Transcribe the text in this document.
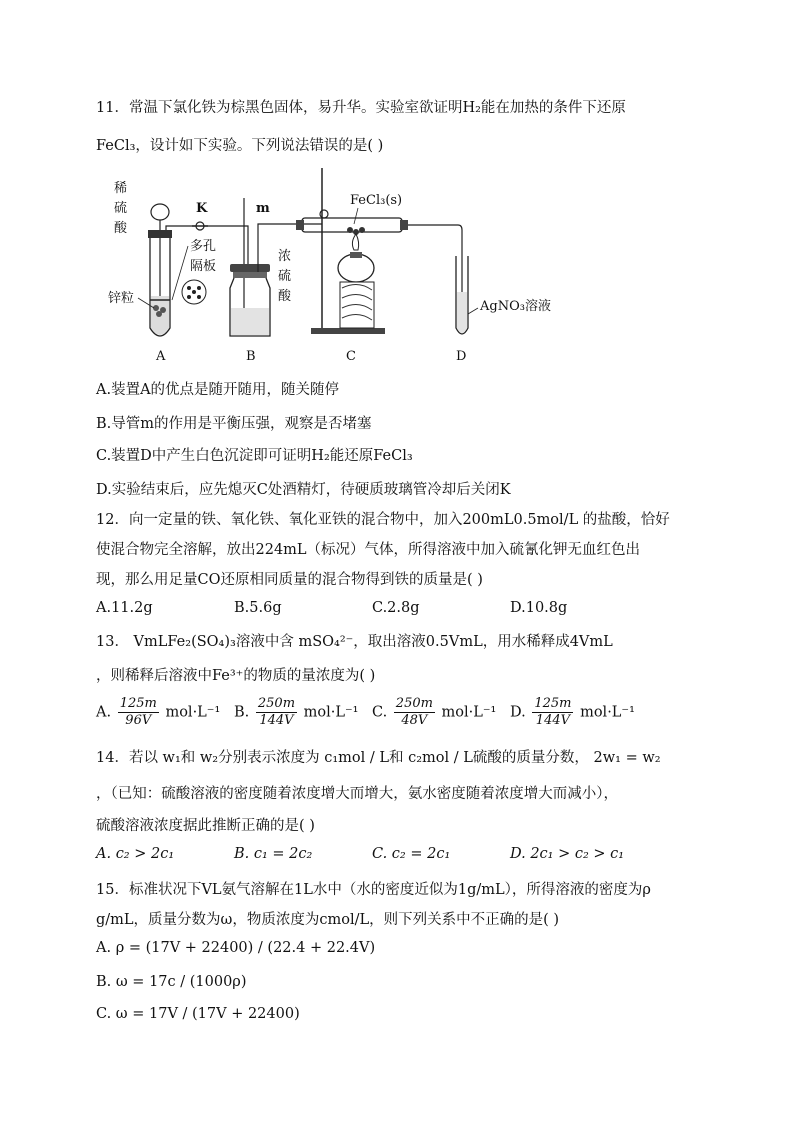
11．常温下氯化铁为棕黑色固体，易升华。实验室欲证明H₂能在加热的条件下还原
FeCl₃，设计如下实验。下列说法错误的是( )
稀
硫
酸
锌粒
多孔
隔板
A
K	m
浓
硫
酸
B
FeCl₃(s)
C
AgNO₃溶液
D
A.装置A的优点是随开随用，随关随停
B.导管m的作用是平衡压强，观察是否堵塞
C.装置D中产生白色沉淀即可证明H₂能还原FeCl₃
D.实验结束后，应先熄灭C处酒精灯，待硬质玻璃管冷却后关闭K
12．向一定量的铁、氧化铁、氧化亚铁的混合物中，加入200mL0.5mol/L 的盐酸，恰好
使混合物完全溶解，放出224mL（标况）气体，所得溶液中加入硫氰化钾无血红色出
现，那么用足量CO还原相同质量的混合物得到铁的质量是( )
A.11.2g	B.5.6g	C.2.8g	D.10.8g
13． VmLFe₂(SO₄)₃溶液中含 mSO₄²⁻，取出溶液0.5VmL，用水稀释成4VmL
，则稀释后溶液中Fe³⁺的物质的量浓度为( )
A. $\frac{125m}{96V} mol\cdot L^{-1}$ B. $\frac{250m}{144V} mol\cdot L^{-1}$ C. $\frac{250m}{48V} mol\cdot L^{-1}$ D. $\frac{125m}{144V} mol\cdot L^{-1}$
14．若以 w₁和 w₂分别表示浓度为 c₁mol / L和 c₂mol / L硫酸的质量分数， 2w₁ = w₂
，（已知：硫酸溶液的密度随着浓度增大而增大，氨水密度随着浓度增大而减小），
硫酸溶液浓度据此推断正确的是( )
A. c₂ > 2c₁	B. c₁ = 2c₂	C. c₂ = 2c₁	D. 2c₁ > c₂ > c₁
15．标准状况下VL氨气溶解在1L水中（水的密度近似为1g/mL），所得溶液的密度为ρ
g/mL，质量分数为ω，物质浓度为cmol/L，则下列关系中不正确的是( )
A. ρ = (17V + 22400) / (22.4 + 22.4V)
B. ω = 17c / (1000ρ)
C. ω = 17V / (17V + 22400)
